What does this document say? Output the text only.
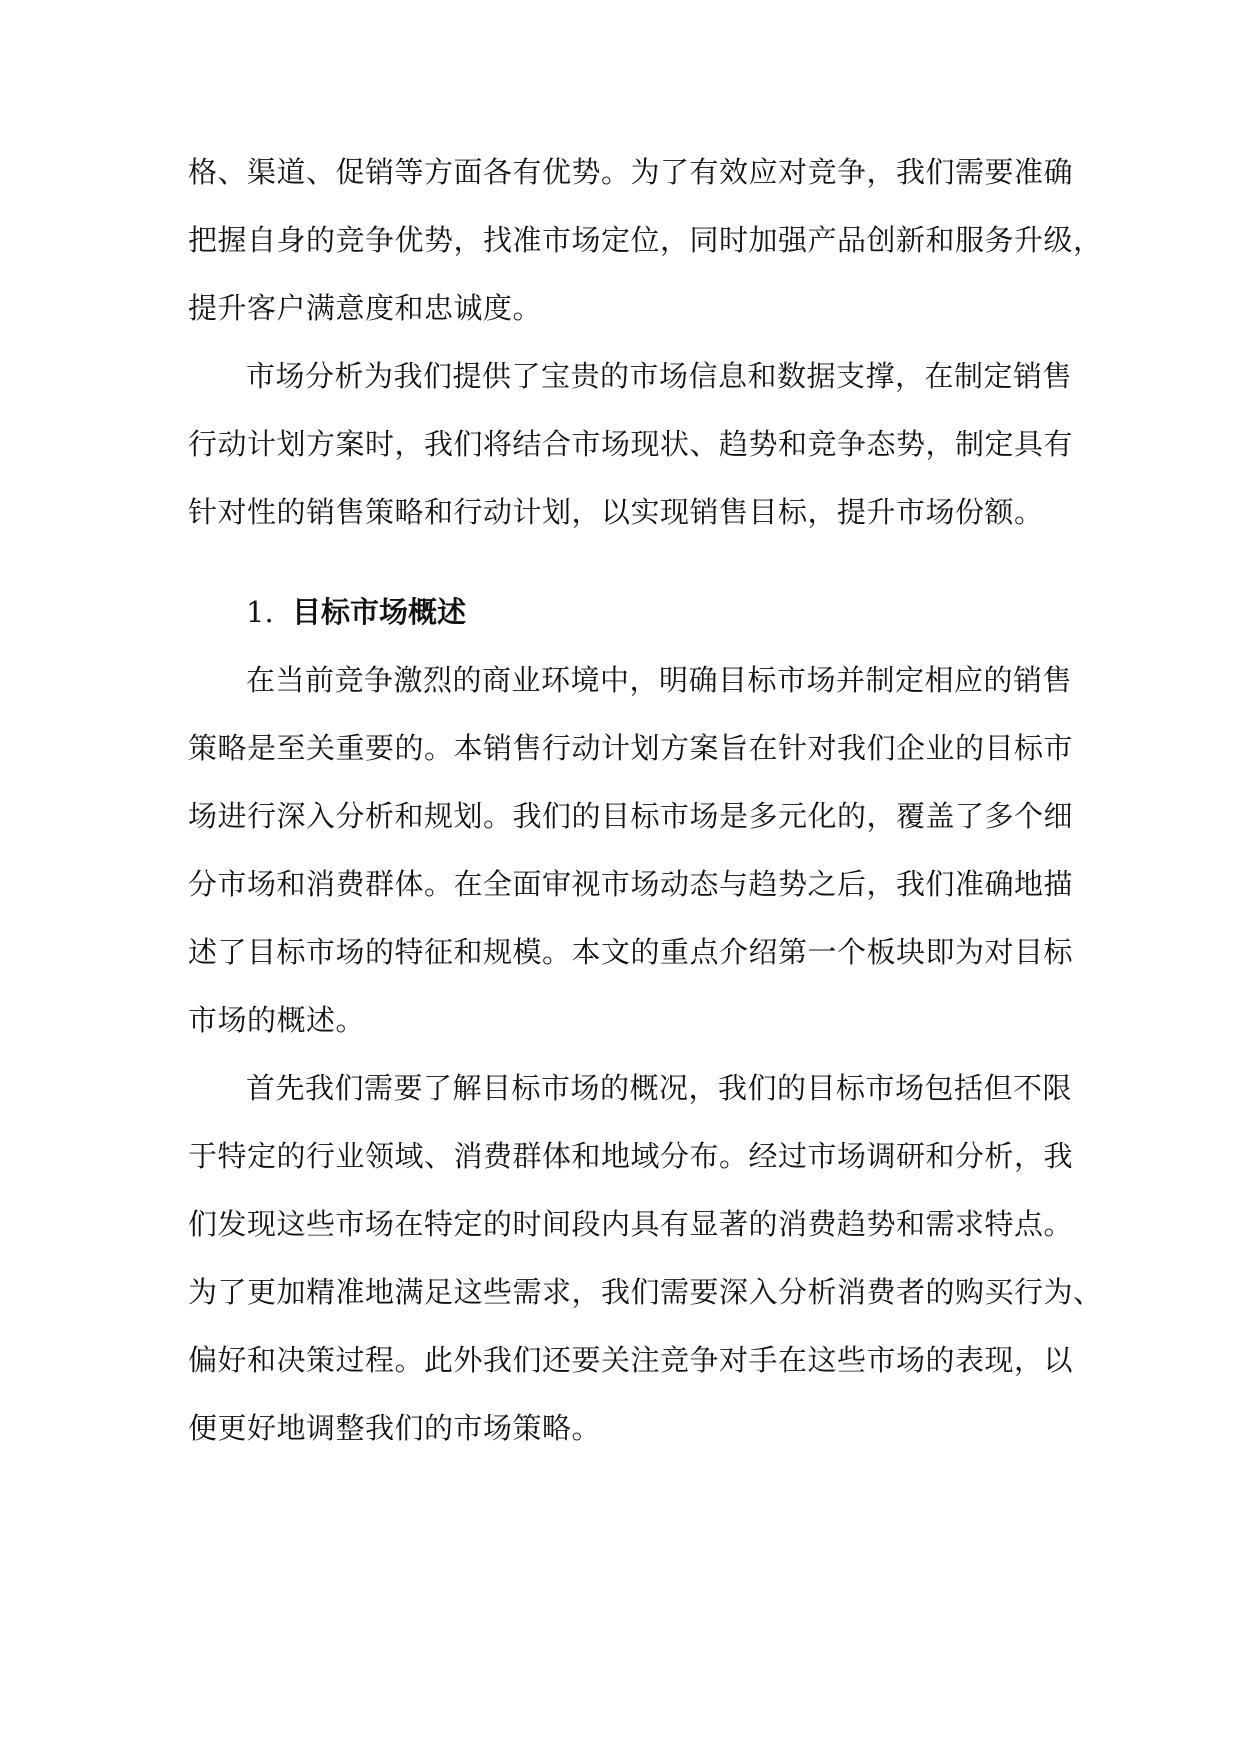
格、渠道、促销等方面各有优势。为了有效应对竞争，我们需要准确
把握自身的竞争优势，找准市场定位，同时加强产品创新和服务升级，
提升客户满意度和忠诚度。
市场分析为我们提供了宝贵的市场信息和数据支撑，在制定销售
行动计划方案时，我们将结合市场现状、趋势和竞争态势，制定具有
针对性的销售策略和行动计划，以实现销售目标，提升市场份额。
1. 目标市场概述
在当前竞争激烈的商业环境中，明确目标市场并制定相应的销售
策略是至关重要的。本销售行动计划方案旨在针对我们企业的目标市
场进行深入分析和规划。我们的目标市场是多元化的，覆盖了多个细
分市场和消费群体。在全面审视市场动态与趋势之后，我们准确地描
述了目标市场的特征和规模。本文的重点介绍第一个板块即为对目标
市场的概述。
首先我们需要了解目标市场的概况，我们的目标市场包括但不限
于特定的行业领域、消费群体和地域分布。经过市场调研和分析，我
们发现这些市场在特定的时间段内具有显著的消费趋势和需求特点。
为了更加精准地满足这些需求，我们需要深入分析消费者的购买行为、
偏好和决策过程。此外我们还要关注竞争对手在这些市场的表现，以
便更好地调整我们的市场策略。
